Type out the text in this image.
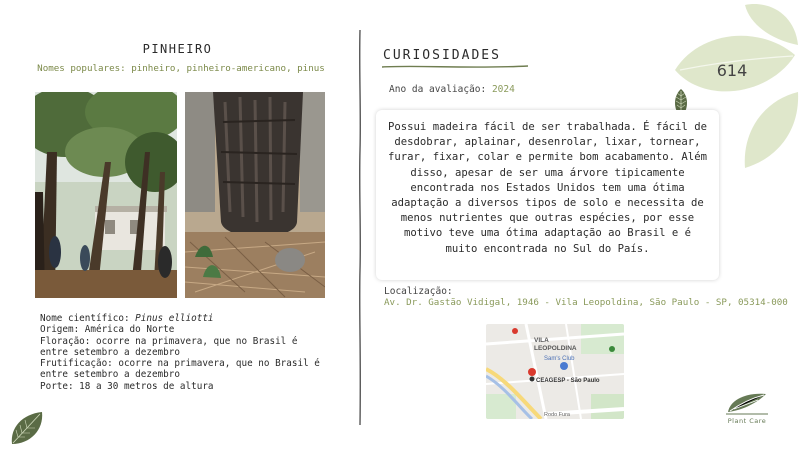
614
PINHEIRO
Nomes populares: pinheiro, pinheiro-americano, pinus
Nome científico: Pinus elliotti
Origem: América do Norte
Floração: ocorre na primavera, que no Brasil é
entre setembro a dezembro
Frutificação: ocorre na primavera, que no Brasil é
entre setembro a dezembro
Porte: 18 a 30 metros de altura
CURIOSIDADES
Ano da avaliação: 2024
Possui madeira fácil de ser trabalhada. É fácil de desdobrar, aplainar, desenrolar, lixar, tornear, furar, fixar, colar e permite bom acabamento. Além disso, apesar de ser uma árvore tipicamente encontrada nos Estados Unidos tem uma ótima adaptação a diversos tipos de solo e necessita de menos nutrientes que outras espécies, por esse motivo teve uma ótima adaptação ao Brasil e é muito encontrada no Sul do País.
Localização:
Av. Dr. Gastão Vidigal, 1946 - Vila Leopoldina, São Paulo - SP, 05314-000
VILA
LEOPOLDINA
Sam's Club
CEAGESP - São Paulo
Rodo Fura
Plant Care
